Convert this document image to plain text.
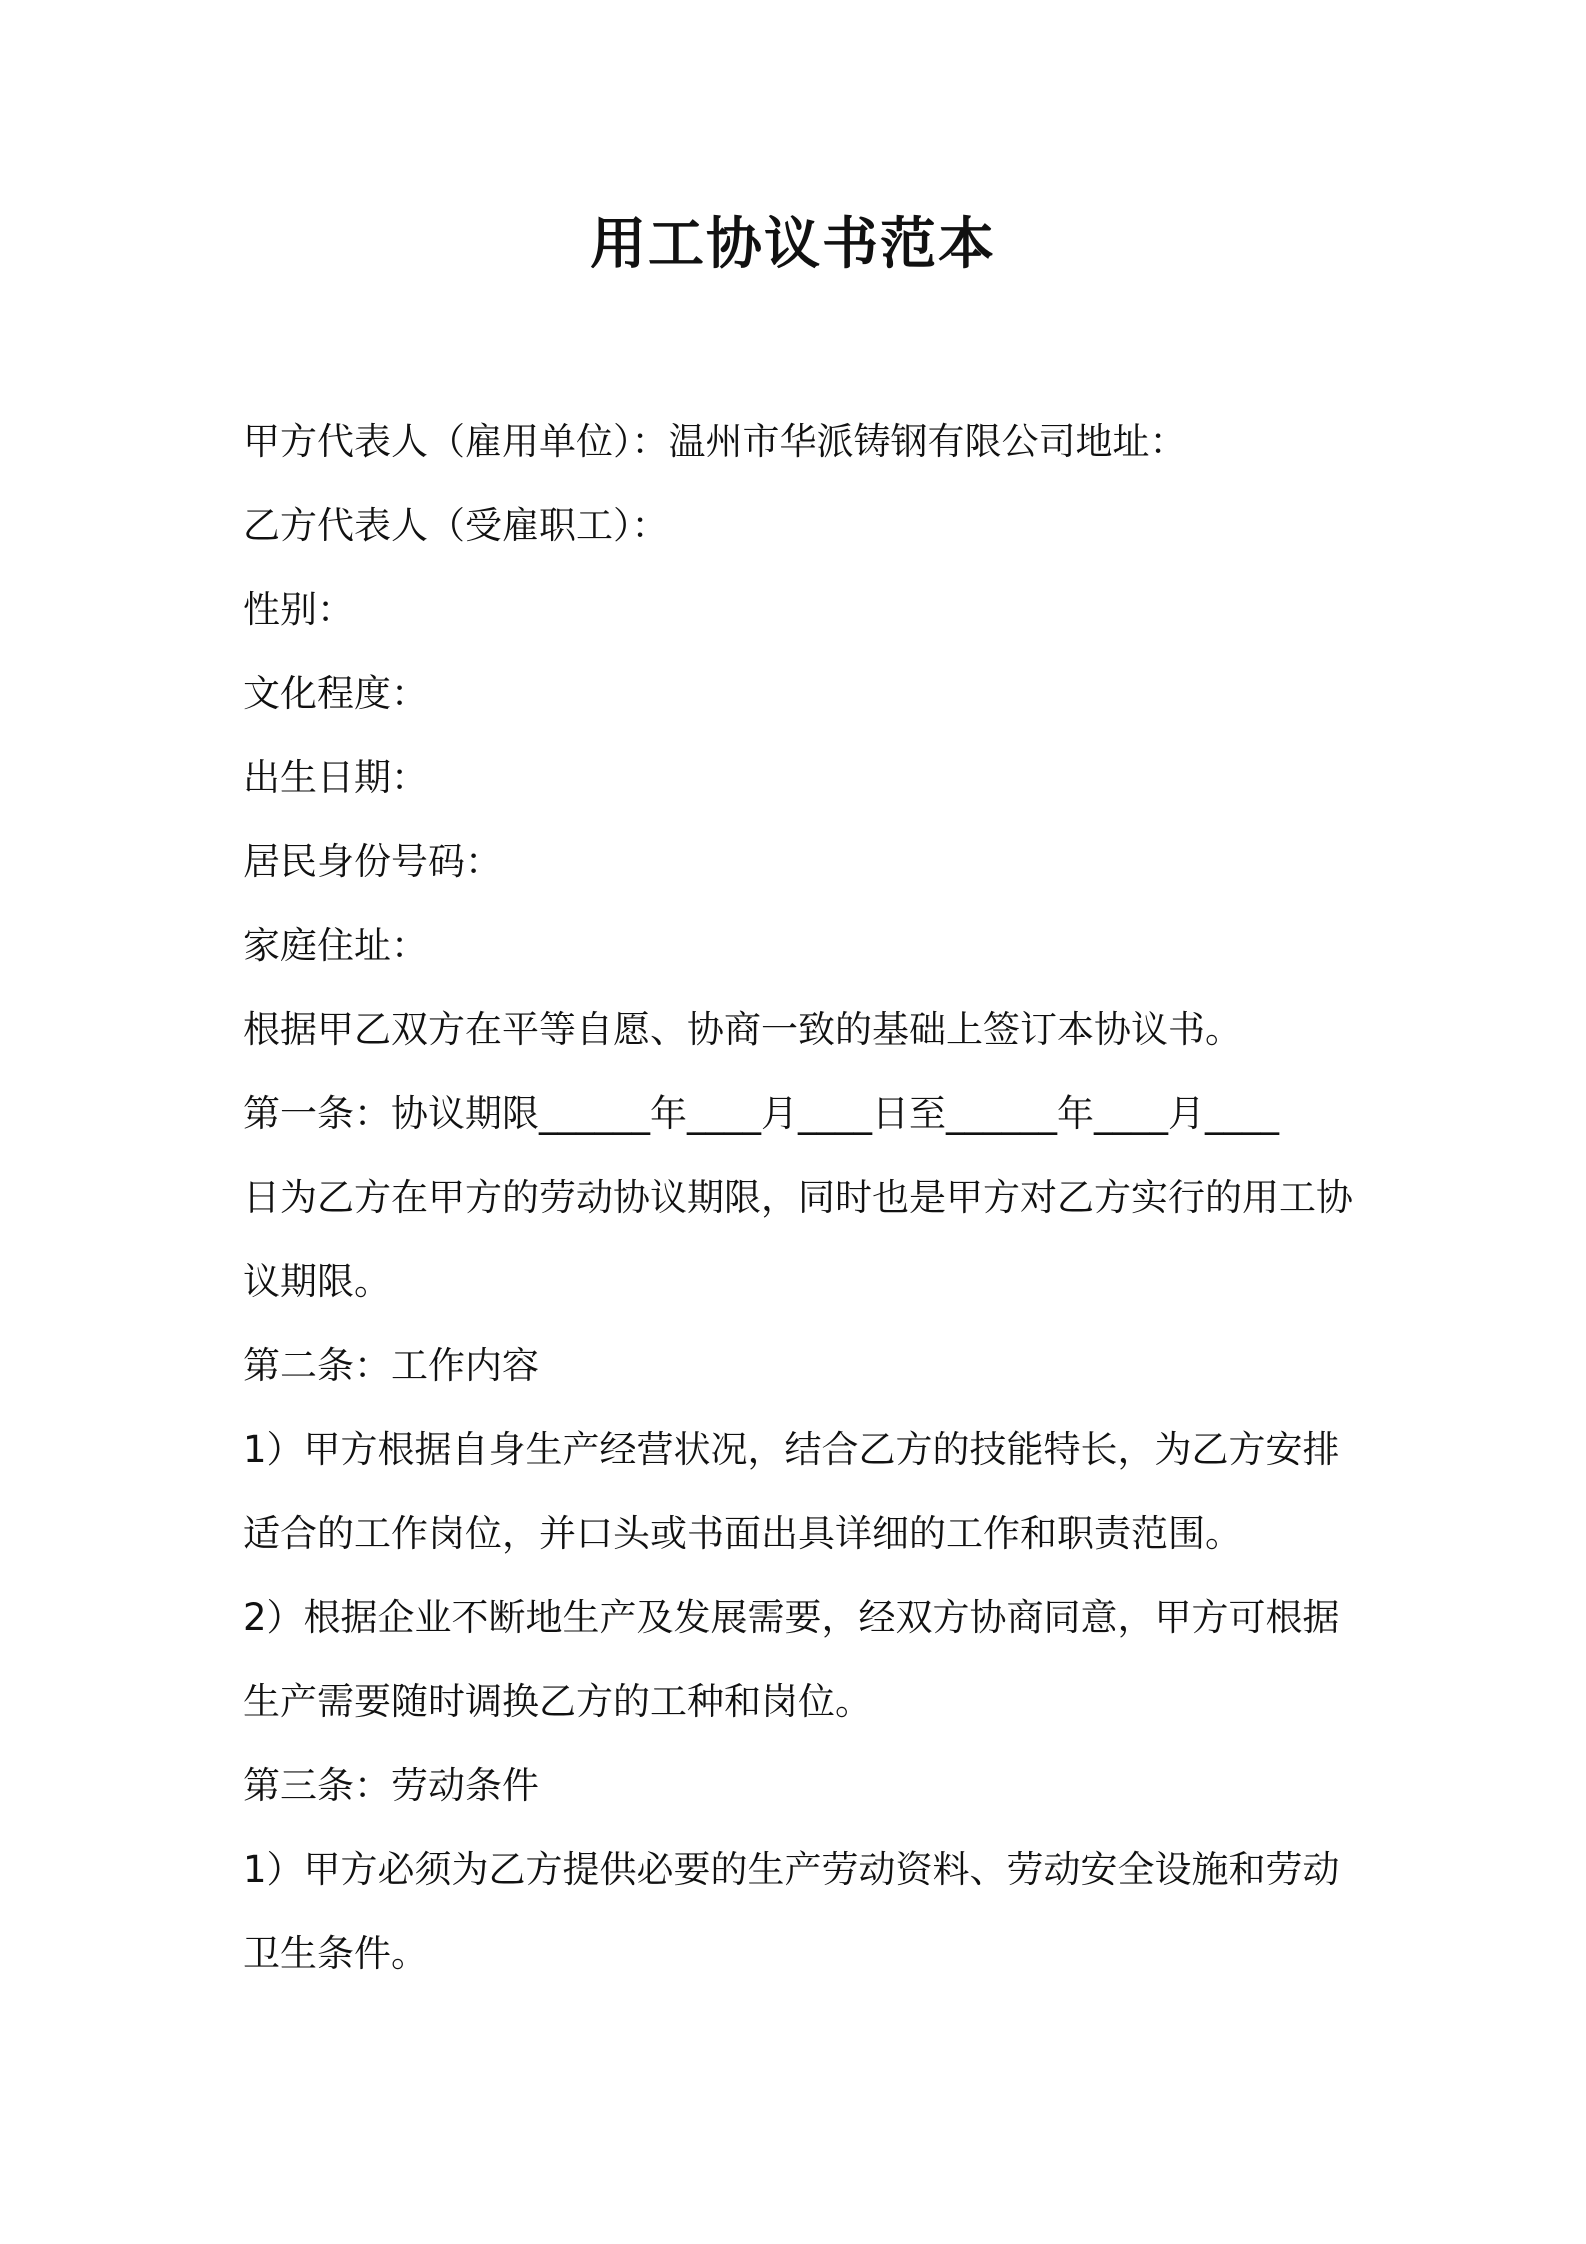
用工协议书范本
甲方代表人（雇用单位）：温州市华派铸钢有限公司地址：
乙方代表人（受雇职工）：
性别：
文化程度：
出生日期：
居民身份号码：
家庭住址：
根据甲乙双方在平等自愿、协商一致的基础上签订本协议书。
第一条：协议期限______年____月____日至______年____月____
日为乙方在甲方的劳动协议期限，同时也是甲方对乙方实行的用工协
议期限。
第二条：工作内容
1）甲方根据自身生产经营状况，结合乙方的技能特长，为乙方安排
适合的工作岗位，并口头或书面出具详细的工作和职责范围。
2）根据企业不断地生产及发展需要，经双方协商同意，甲方可根据
生产需要随时调换乙方的工种和岗位。
第三条：劳动条件
1）甲方必须为乙方提供必要的生产劳动资料、劳动安全设施和劳动
卫生条件。
